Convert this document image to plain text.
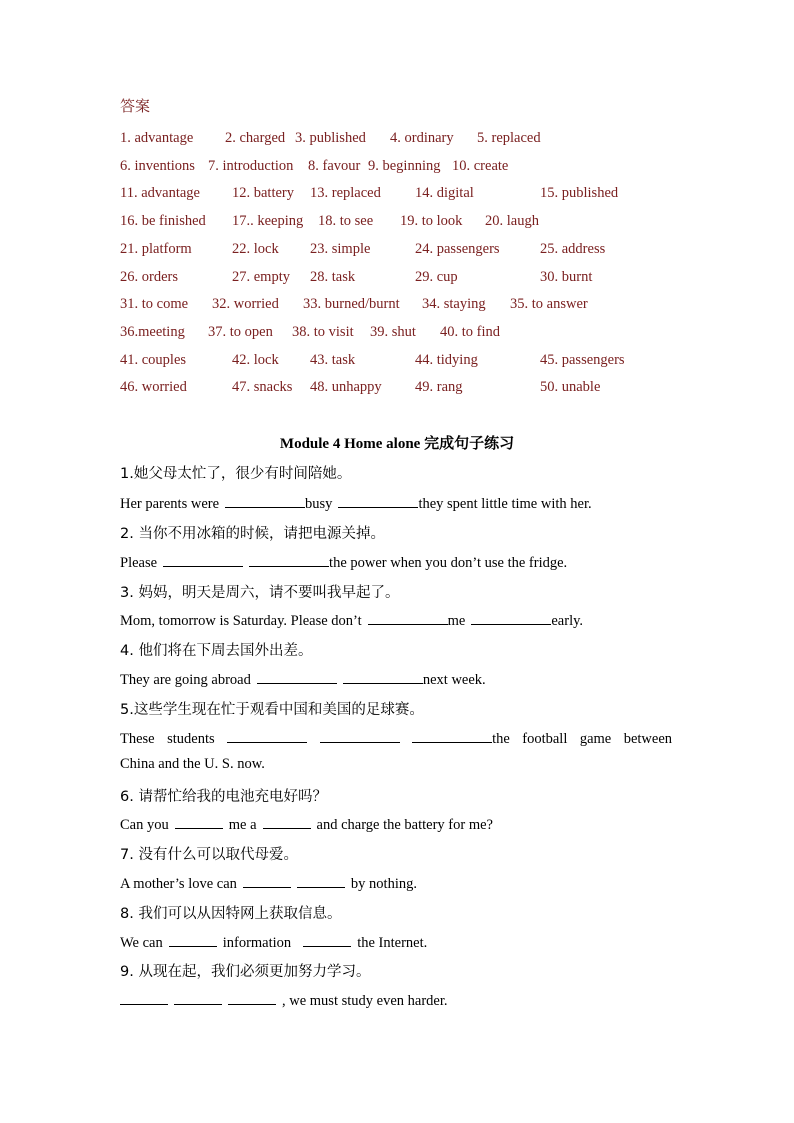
答案
1. advantage 2. charged 3. published 4. ordinary 5. replaced
6. inventions 7. introduction 8. favour 9. beginning 10. create
11. advantage 12. battery 13. replaced 14. digital	15. published
16. be finished 17.. keeping 18. to see 19. to look 20. laugh
21. platform	22. lock 23. simple	24. passengers	25. address
26. orders	27. empty 28. task	29. cup	30. burnt
31. to come 32. worried 33. burned/burnt 34. staying 35. to answer
36.meeting 37. to open 38. to visit 39. shut 40. to find
41. couples	42. lock 43. task	44. tidying	45. passengers
46. worried	47. snacks 48. unhappy 49. rang	50. unable
Module 4 Home alone 完成句子练习
1.她父母太忙了，很少有时间陪她。
Her parents were	busy	they spent little time with her.
2. 当你不用冰箱的时候，请把电源关掉。
Please	the power when you don’t use the fridge.
3. 妈妈，明天是周六，请不要叫我早起了。
Mom, tomorrow is Saturday. Please don’t	me	early.
4. 他们将在下周去国外出差。
They are going abroad	next week.
5.这些学生现在忙于观看中国和美国的足球赛。
These students	the football game between
China and the U. S. now.
6. 请帮忙给我的电池充电好吗？
Can you	me a	and charge the battery for me?
7. 没有什么可以取代母爱。
A mother’s love can	by nothing.
8. 我们可以从因特网上获取信息。
We can	information	the Internet.
9. 从现在起，我们必须更加努力学习。
, we must study even harder.
